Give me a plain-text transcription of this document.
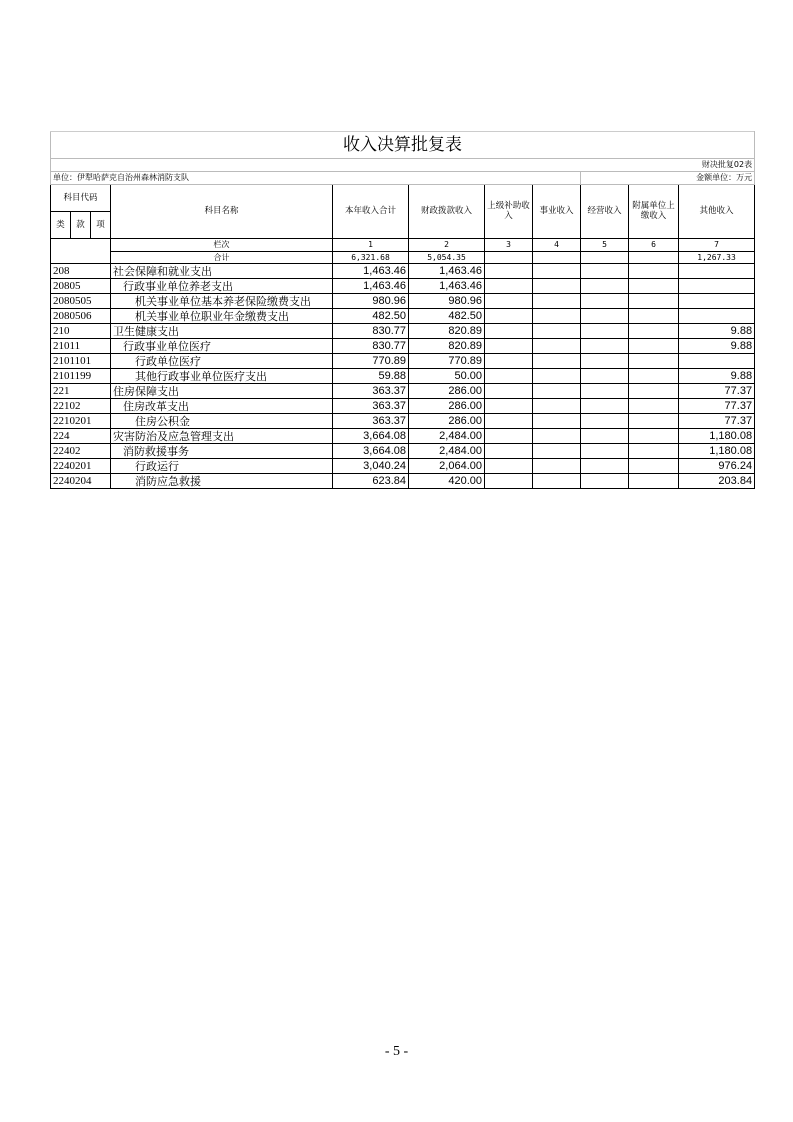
收入决算批复表										
财决批复02表										
单位：伊犁哈萨克自治州森林消防支队								金额单位：万元		
科目代码			科目名称	本年收入合计	财政拨款收入	上级补助收入	事业收入	经营收入	附属单位上缴收入	其他收入
类	款	项								
			栏次	1	2	3	4	5	6	7
			合计	6,321.68	5,054.35					1,267.33
208			社会保障和就业支出	1,463.46	1,463.46					
20805			行政事业单位养老支出	1,463.46	1,463.46					
2080505			机关事业单位基本养老保险缴费支出	980.96	980.96					
2080506			机关事业单位职业年金缴费支出	482.50	482.50					
210			卫生健康支出	830.77	820.89					9.88
21011			行政事业单位医疗	830.77	820.89					9.88
2101101			行政单位医疗	770.89	770.89					
2101199			其他行政事业单位医疗支出	59.88	50.00					9.88
221			住房保障支出	363.37	286.00					77.37
22102			住房改革支出	363.37	286.00					77.37
2210201			住房公积金	363.37	286.00					77.37
224			灾害防治及应急管理支出	3,664.08	2,484.00					1,180.08
22402			消防救援事务	3,664.08	2,484.00					1,180.08
2240201			行政运行	3,040.24	2,064.00					976.24
2240204			消防应急救援	623.84	420.00					203.84
- 5 -
